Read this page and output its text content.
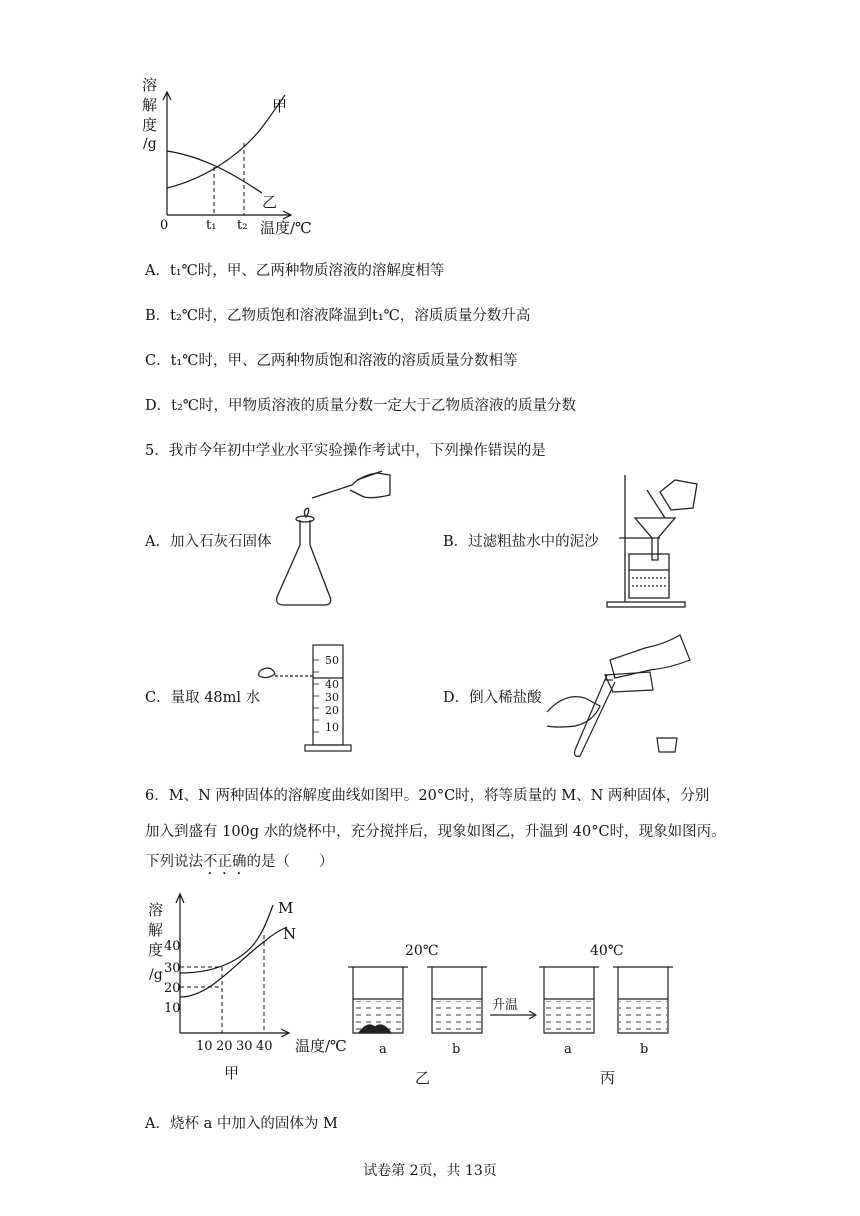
溶
解
度
/g
0	t₁ t₂ 温度/℃
甲
乙
A．t₁℃时，甲、乙两种物质溶液的溶解度相等
B．t₂℃时，乙物质饱和溶液降温到t₁℃，溶质质量分数升高
C．t₁℃时，甲、乙两种物质饱和溶液的溶质质量分数相等
D．t₂℃时，甲物质溶液的质量分数一定大于乙物质溶液的质量分数
5．我市今年初中学业水平实验操作考试中，下列操作错误的是
A．加入石灰石固体	B．过滤粗盐水中的泥沙
C．量取 48ml 水
50
40
30
20
10
D．倒入稀盐酸
6．M、N 两种固体的溶解度曲线如图甲。20°C时，将等质量的 M、N 两种固体，分别
加入到盛有 100g 水的烧杯中，充分搅拌后，现象如图乙，升温到 40°C时，现象如图丙。
下列说法不正确的是（　　）
溶
解
度
/g
40
30
20
10
10 20 30 40 温度/℃
M
N
甲
20℃	40℃
升温
a	b	a	b
乙	丙
A．烧杯 a 中加入的固体为 M
试卷第 2页，共 13页
